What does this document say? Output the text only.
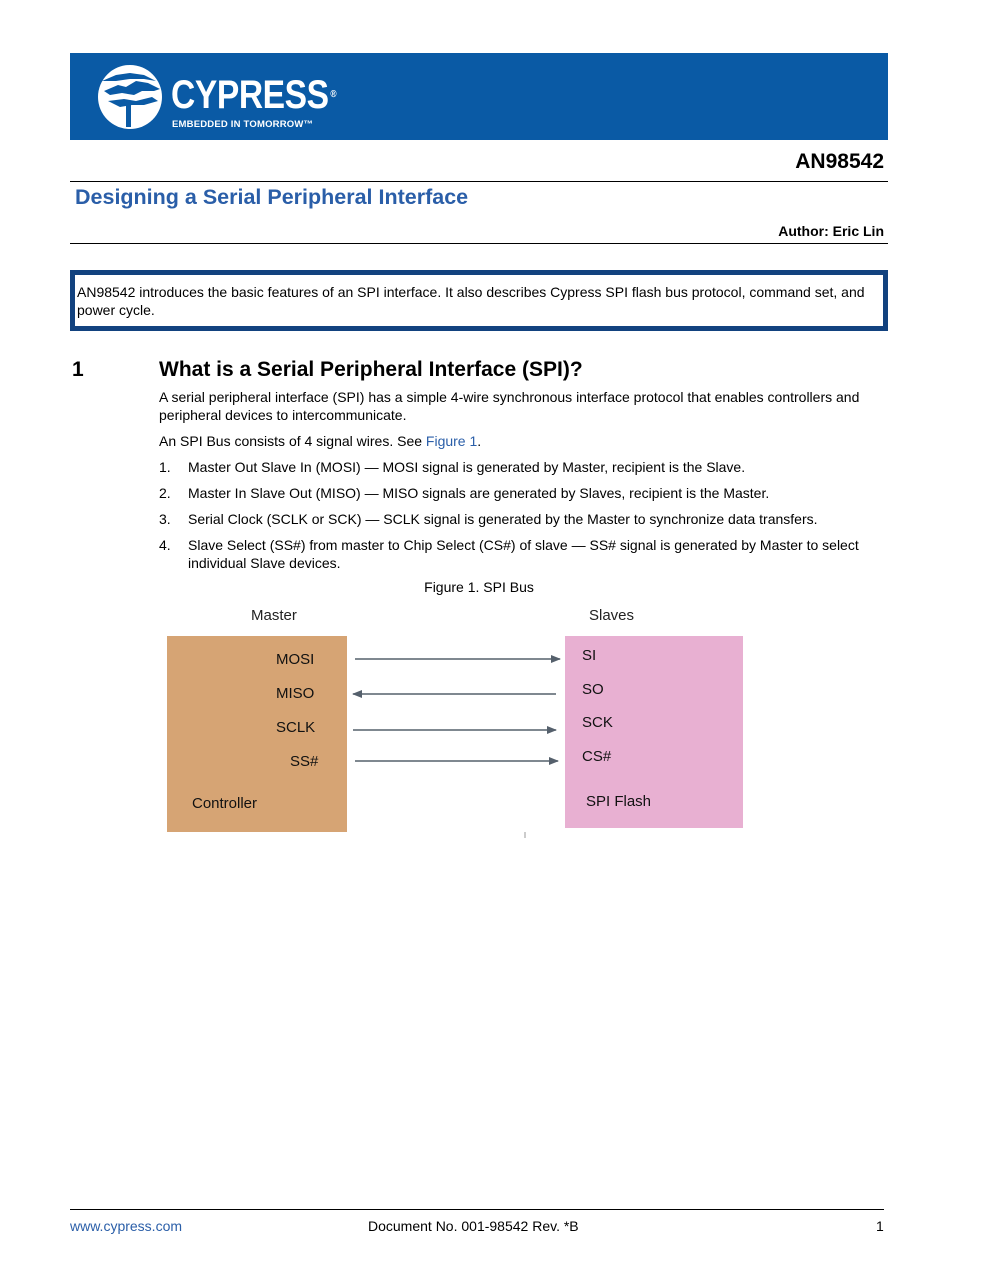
CYPRESS ®
EMBEDDED IN TOMORROW™
AN98542
Designing a Serial Peripheral Interface
Author: Eric Lin
AN98542 introduces the basic features of an SPI interface. It also describes Cypress SPI flash bus protocol, command set, and power cycle.
1	What is a Serial Peripheral Interface (SPI)?
A serial peripheral interface (SPI) has a simple 4-wire synchronous interface protocol that enables controllers and peripheral devices to intercommunicate.
An SPI Bus consists of 4 signal wires. See Figure 1.
1. Master Out Slave In (MOSI) — MOSI signal is generated by Master, recipient is the Slave.
2. Master In Slave Out (MISO) — MISO signals are generated by Slaves, recipient is the Master.
3. Serial Clock (SCLK or SCK) — SCLK signal is generated by the Master to synchronize data transfers.
4. Slave Select (SS#) from master to Chip Select (CS#) of slave — SS# signal is generated by Master to select individual Slave devices.
Figure 1. SPI Bus
Master	Slaves
MOSI
MISO
SCLK
SS#
Controller
SI
SO
SCK
CS#
SPI Flash
www.cypress.com	Document No. 001-98542 Rev. *B	1
